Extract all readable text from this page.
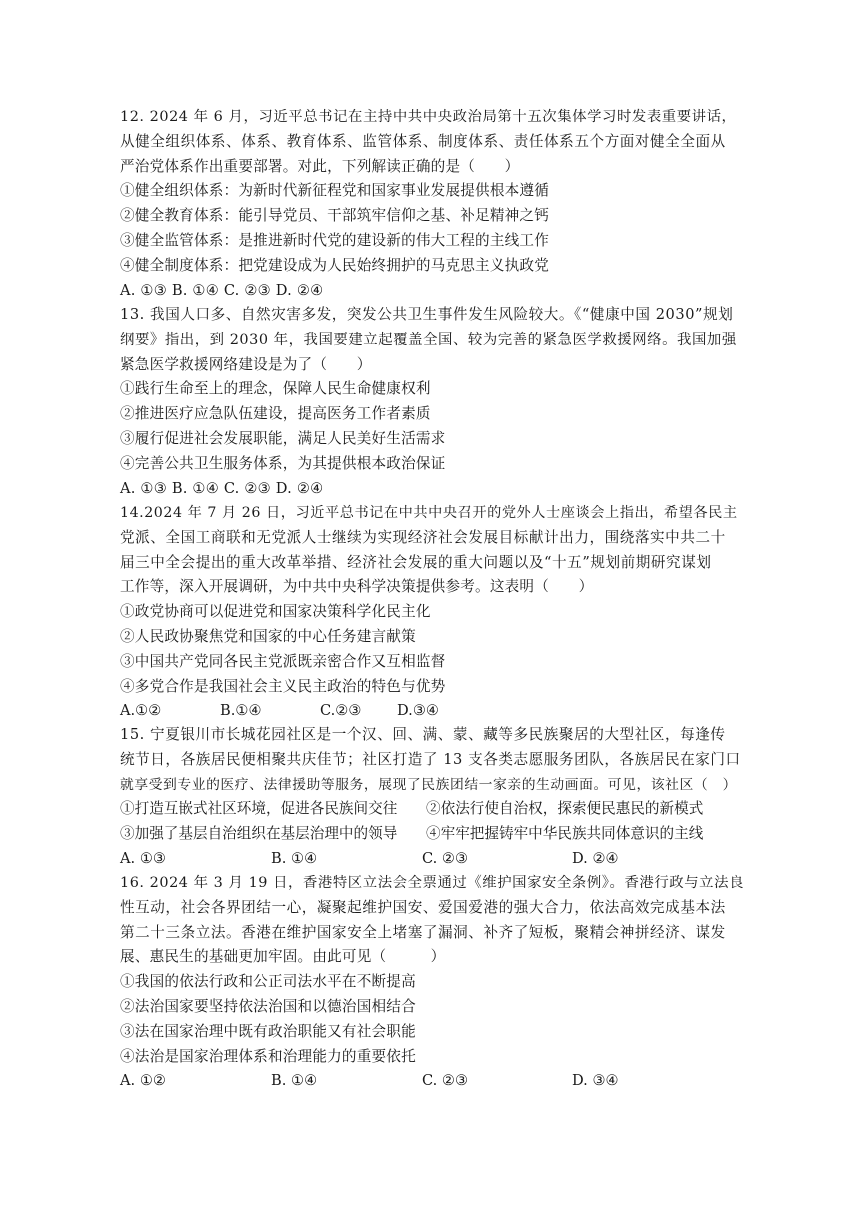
12. 2024 年 6 月，习近平总书记在主持中共中央政治局第十五次集体学习时发表重要讲话，
从健全组织体系、体系、教育体系、监管体系、制度体系、责任体系五个方面对健全全面从
严治党体系作出重要部署。对此，下列解读正确的是（　　）
①健全组织体系：为新时代新征程党和国家事业发展提供根本遵循
②健全教育体系：能引导党员、干部筑牢信仰之基、补足精神之钙
③健全监管体系：是推进新时代党的建设新的伟大工程的主线工作
④健全制度体系：把党建设成为人民始终拥护的马克思主义执政党
A. ①③ B. ①④ C. ②③ D. ②④
13. 我国人口多、自然灾害多发，突发公共卫生事件发生风险较大。《“健康中国 2030”规划
纲要》指出，到 2030 年，我国要建立起覆盖全国、较为完善的紧急医学救援网络。我国加强
紧急医学救援网络建设是为了（　　）
①践行生命至上的理念，保障人民生命健康权利
②推进医疗应急队伍建设，提高医务工作者素质
③履行促进社会发展职能，满足人民美好生活需求
④完善公共卫生服务体系，为其提供根本政治保证
A. ①③ B. ①④ C. ②③ D. ②④
14.2024 年 7 月 26 日，习近平总书记在中共中央召开的党外人士座谈会上指出，希望各民主
党派、全国工商联和无党派人士继续为实现经济社会发展目标献计出力，围绕落实中共二十
届三中全会提出的重大改革举措、经济社会发展的重大问题以及“十五”规划前期研究谋划
工作等，深入开展调研，为中共中央科学决策提供参考。这表明（　　）
①政党协商可以促进党和国家决策科学化民主化
②人民政协聚焦党和国家的中心任务建言献策
③中国共产党同各民主党派既亲密合作又互相监督
④多党合作是我国社会主义民主政治的特色与优势
A.①②	B.①④	C.②③ D.③④
15. 宁夏银川市长城花园社区是一个汉、回、满、蒙、藏等多民族聚居的大型社区，每逢传
统节日，各族居民便相聚共庆佳节；社区打造了 13 支各类志愿服务团队，各族居民在家门口
就享受到专业的医疗、法律援助等服务，展现了民族团结一家亲的生动画面。可见，该社区（　）
①打造互嵌式社区环境，促进各民族间交往 ②依法行使自治权，探索便民惠民的新模式
③加强了基层自治组织在基层治理中的领导 ④牢牢把握铸牢中华民族共同体意识的主线
A. ①③	B. ①④	C. ②③	D. ②④
16. 2024 年 3 月 19 日，香港特区立法会全票通过《维护国家安全条例》。香港行政与立法良
性互动，社会各界团结一心，凝聚起维护国安、爱国爱港的强大合力，依法高效完成基本法
第二十三条立法。香港在维护国家安全上堵塞了漏洞、补齐了短板，聚精会神拼经济、谋发
展、惠民生的基础更加牢固。由此可见（　　　）
①我国的依法行政和公正司法水平在不断提高
②法治国家要坚持依法治国和以德治国相结合
③法在国家治理中既有政治职能又有社会职能
④法治是国家治理体系和治理能力的重要依托
A. ①②	B. ①④	C. ②③	D. ③④
